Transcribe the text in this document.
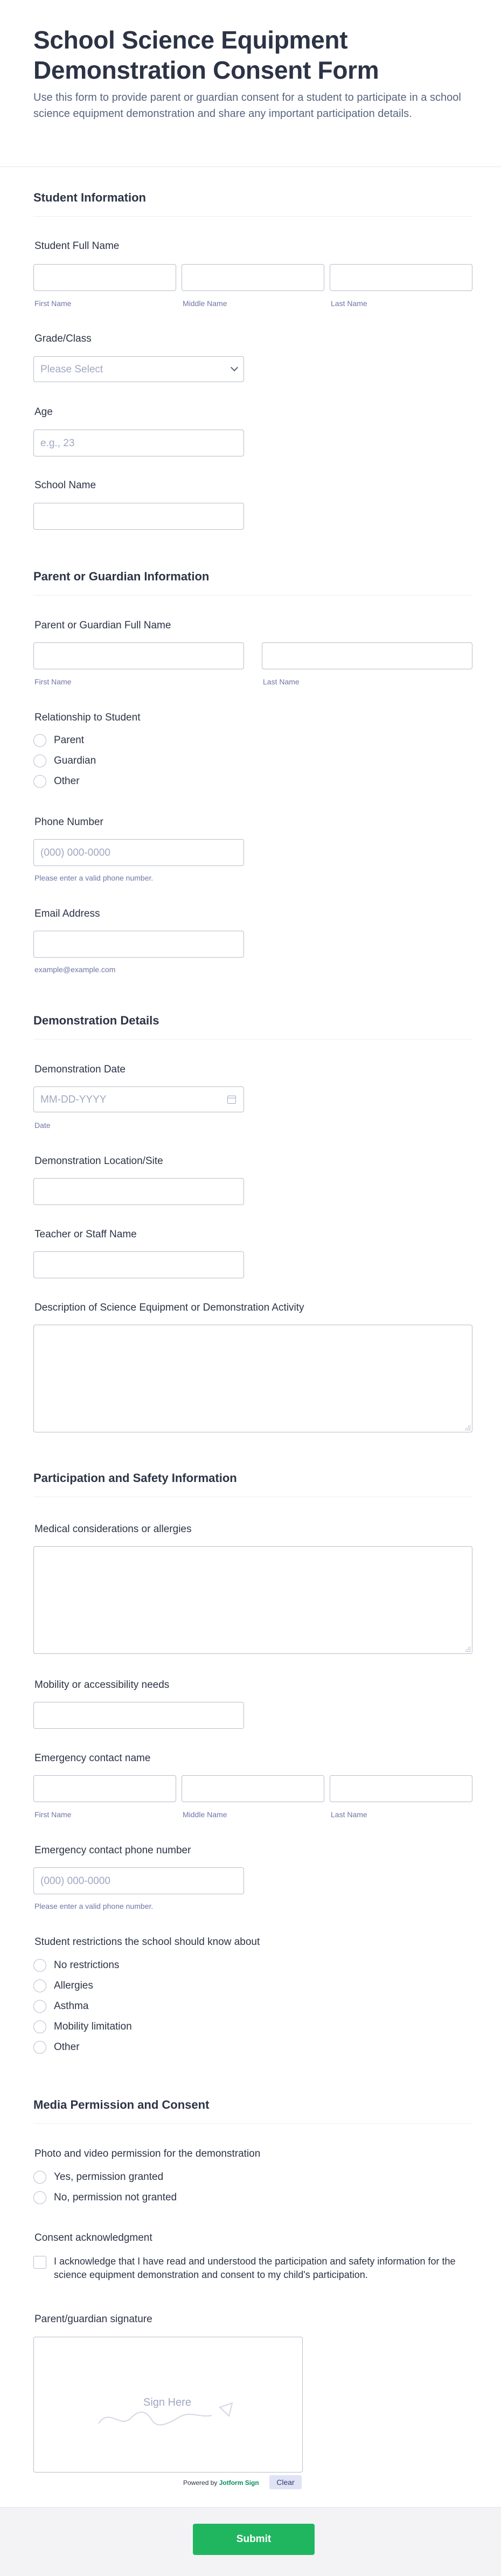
School Science Equipment Demonstration Consent Form

Use this form to provide parent or guardian consent for a student to participate in a school science equipment demonstration and share any important participation details.

Student Information
Student Full Name
First Name	Middle Name	Last Name
Grade/Class
Please Select
Age
e.g., 23
School Name
Parent or Guardian Information
Parent or Guardian Full Name
First Name	Last Name
Relationship to Student
Parent
Guardian
Other
Phone Number
(000) 000-0000
Please enter a valid phone number.
Email Address
example@example.com
Demonstration Details
Demonstration Date
MM-DD-YYYY
Date
Demonstration Location/Site
Teacher or Staff Name
Description of Science Equipment or Demonstration Activity
Participation and Safety Information
Medical considerations or allergies
Mobility or accessibility needs
Emergency contact name
First Name	Middle Name	Last Name
Emergency contact phone number
(000) 000-0000
Please enter a valid phone number.
Student restrictions the school should know about
No restrictions
Allergies
Asthma
Mobility limitation
Other
Media Permission and Consent
Photo and video permission for the demonstration
Yes, permission granted
No, permission not granted
Consent acknowledgment
I acknowledge that I have read and understood the participation and safety information for the science equipment demonstration and consent to my child's participation.
Parent/guardian signature
Sign Here
Powered by Jotform Sign	Clear
Submit
